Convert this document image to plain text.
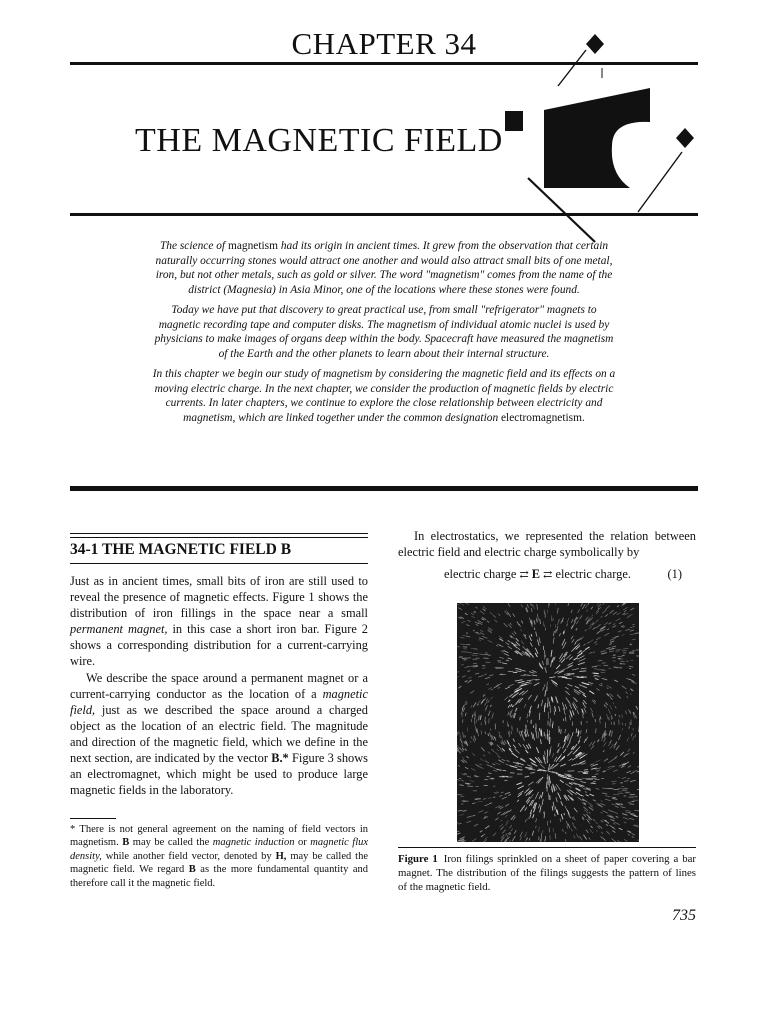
CHAPTER 34
THE MAGNETIC FIELD

The science of magnetism had its origin in ancient times. It grew from the observation that certain naturally occurring stones would attract one another and would also attract small bits of one metal, iron, but not other metals, such as gold or silver. The word "magnetism" comes from the name of the district (Magnesia) in Asia Minor, one of the locations where these stones were found.

Today we have put that discovery to great practical use, from small "refrigerator" magnets to magnetic recording tape and computer disks. The magnetism of individual atomic nuclei is used by physicians to make images of organs deep within the body. Spacecraft have measured the magnetism of the Earth and the other planets to learn about their internal structure.

In this chapter we begin our study of magnetism by considering the magnetic field and its effects on a moving electric charge. In the next chapter, we consider the production of magnetic fields by electric currents. In later chapters, we continue to explore the close relationship between electricity and magnetism, which are linked together under the common designation electromagnetism.

34-1 THE MAGNETIC FIELD B

Just as in ancient times, small bits of iron are still used to reveal the presence of magnetic effects. Figure 1 shows the distribution of iron fillings in the space near a small permanent magnet, in this case a short iron bar. Figure 2 shows a corresponding distribution for a current-carrying wire.

We describe the space around a permanent magnet or a current-carrying conductor as the location of a magnetic field, just as we described the space around a charged object as the location of an electric field. The magnitude and direction of the magnetic field, which we define in the next section, are indicated by the vector B.* Figure 3 shows an electromagnet, which might be used to produce large magnetic fields in the laboratory.

* There is not general agreement on the naming of field vectors in magnetism. B may be called the magnetic induction or magnetic flux density, while another field vector, denoted by H, may be called the magnetic field. We regard B as the more fundamental quantity and therefore call it the magnetic field.

In electrostatics, we represented the relation between electric field and electric charge symbolically by

electric charge ⇄ E ⇄ electric charge.	(1)
Figure 1 Iron filings sprinkled on a sheet of paper covering a bar magnet. The distribution of the filings suggests the pattern of lines of the magnetic field.
735
